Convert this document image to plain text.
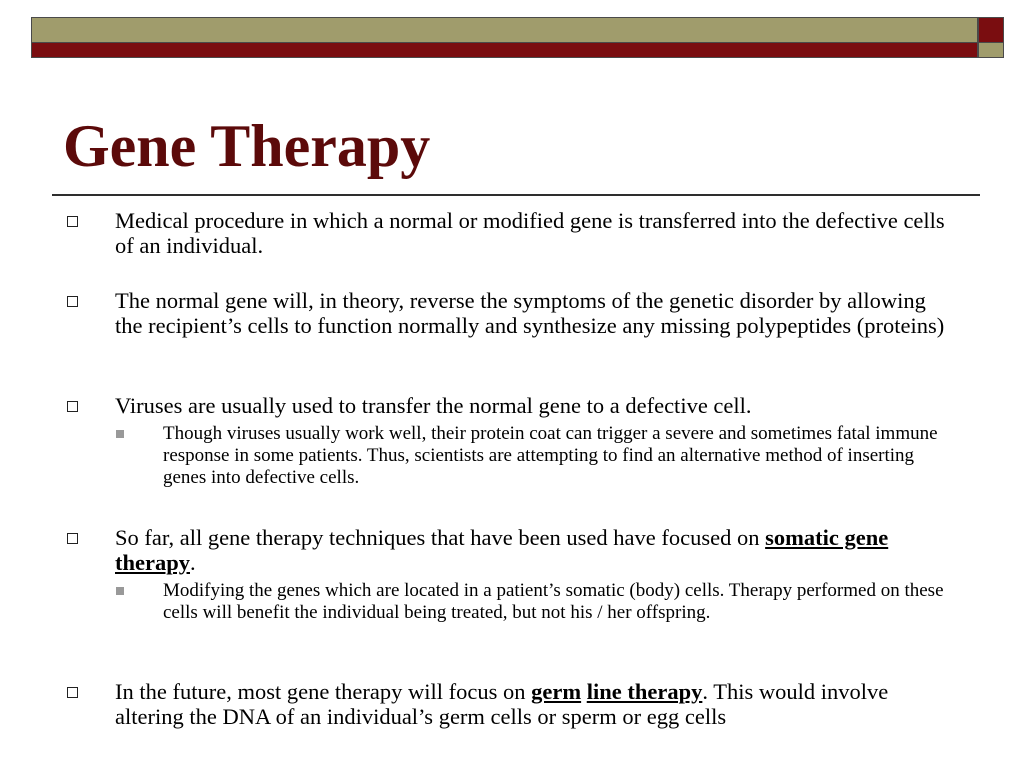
Gene Therapy
Medical procedure in which a normal or modified gene is transferred into the defective cells of an individual.
The normal gene will, in theory, reverse the symptoms of the genetic disorder by allowing the recipient’s cells to function normally and synthesize any missing polypeptides (proteins)
Viruses are usually used to transfer the normal gene to a defective cell.
Though viruses usually work well, their protein coat can trigger a severe and sometimes fatal immune response in some patients. Thus, scientists are attempting to find an alternative method of inserting genes into defective cells.
So far, all gene therapy techniques that have been used have focused on somatic gene therapy.
Modifying the genes which are located in a patient’s somatic (body) cells. Therapy performed on these cells will benefit the individual being treated, but not his / her offspring.
In the future, most gene therapy will focus on germ line therapy. This would involve altering the DNA of an individual’s germ cells or sperm or egg cells
